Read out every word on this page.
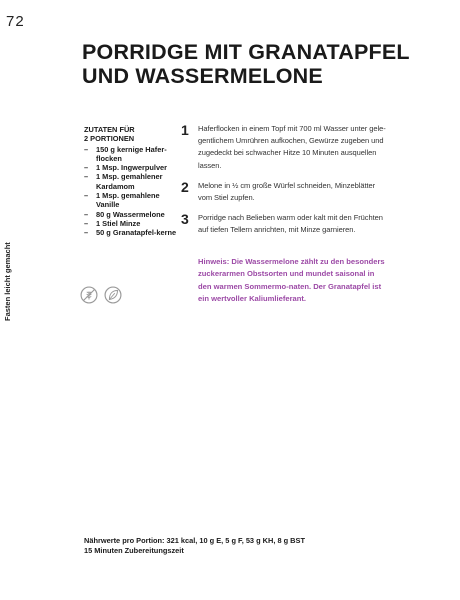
72
Fasten leicht gemacht
PORRIDGE MIT GRANATAPFEL
UND WASSERMELONE
ZUTATEN FÜR
2 PORTIONEN
– 150 g kernige Hafer-flocken
– 1 Msp. Ingwerpulver
– 1 Msp. gemahlener Kardamom
– 1 Msp. gemahlene Vanille
– 80 g Wassermelone
– 1 Stiel Minze
– 50 g Granatapfel-kerne
1 Haferflocken in einem Topf mit 700 ml Wasser unter gele-gentlichem Umrühren aufkochen, Gewürze zugeben und zugedeckt bei schwacher Hitze 10 Minuten ausquellen lassen.
2 Melone in ½ cm große Würfel schneiden, Minzeblätter vom Stiel zupfen.
3 Porridge nach Belieben warm oder kalt mit den Früchten auf tiefen Tellern anrichten, mit Minze garnieren.

Hinweis: Die Wassermelone zählt zu den besonders zuckerarmen Obstsorten und mundet saisonal in den warmen Sommermo-naten. Der Granatapfel ist ein wertvoller Kaliumlieferant.

Nährwerte pro Portion: 321 kcal, 10 g E, 5 g F, 53 g KH, 8 g BST
15 Minuten Zubereitungszeit
